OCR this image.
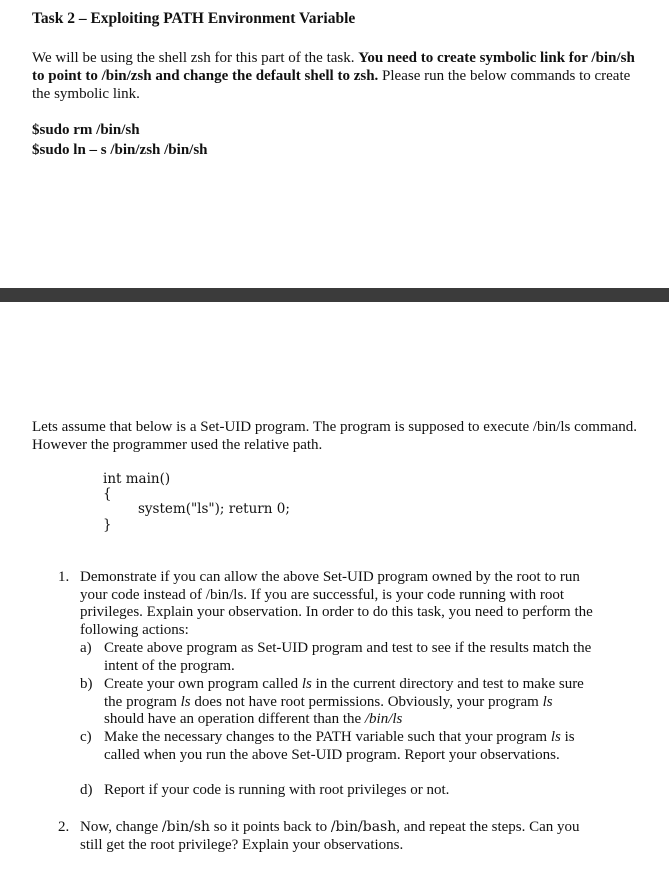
Task 2 – Exploiting PATH Environment Variable
We will be using the shell zsh for this part of the task. You need to create symbolic link for /bin/sh to point to /bin/zsh and change the default shell to zsh. Please run the below commands to create the symbolic link.
$sudo rm /bin/sh
$sudo ln – s /bin/zsh /bin/sh
Lets assume that below is a Set-UID program. The program is supposed to execute /bin/ls command. However the programmer used the relative path.
int main()
{
system("ls"); return 0;
}
1. Demonstrate if you can allow the above Set-UID program owned by the root to run your code instead of /bin/ls. If you are successful, is your code running with root privileges. Explain your observation. In order to do this task, you need to perform the following actions:
a) Create above program as Set-UID program and test to see if the results match the intent of the program.
b) Create your own program called ls in the current directory and test to make sure the program ls does not have root permissions. Obviously, your program ls should have an operation different than the /bin/ls
c) Make the necessary changes to the PATH variable such that your program ls is called when you run the above Set-UID program. Report your observations.
d) Report if your code is running with root privileges or not.
2. Now, change /bin/sh so it points back to /bin/bash, and repeat the steps. Can you still get the root privilege? Explain your observations.
